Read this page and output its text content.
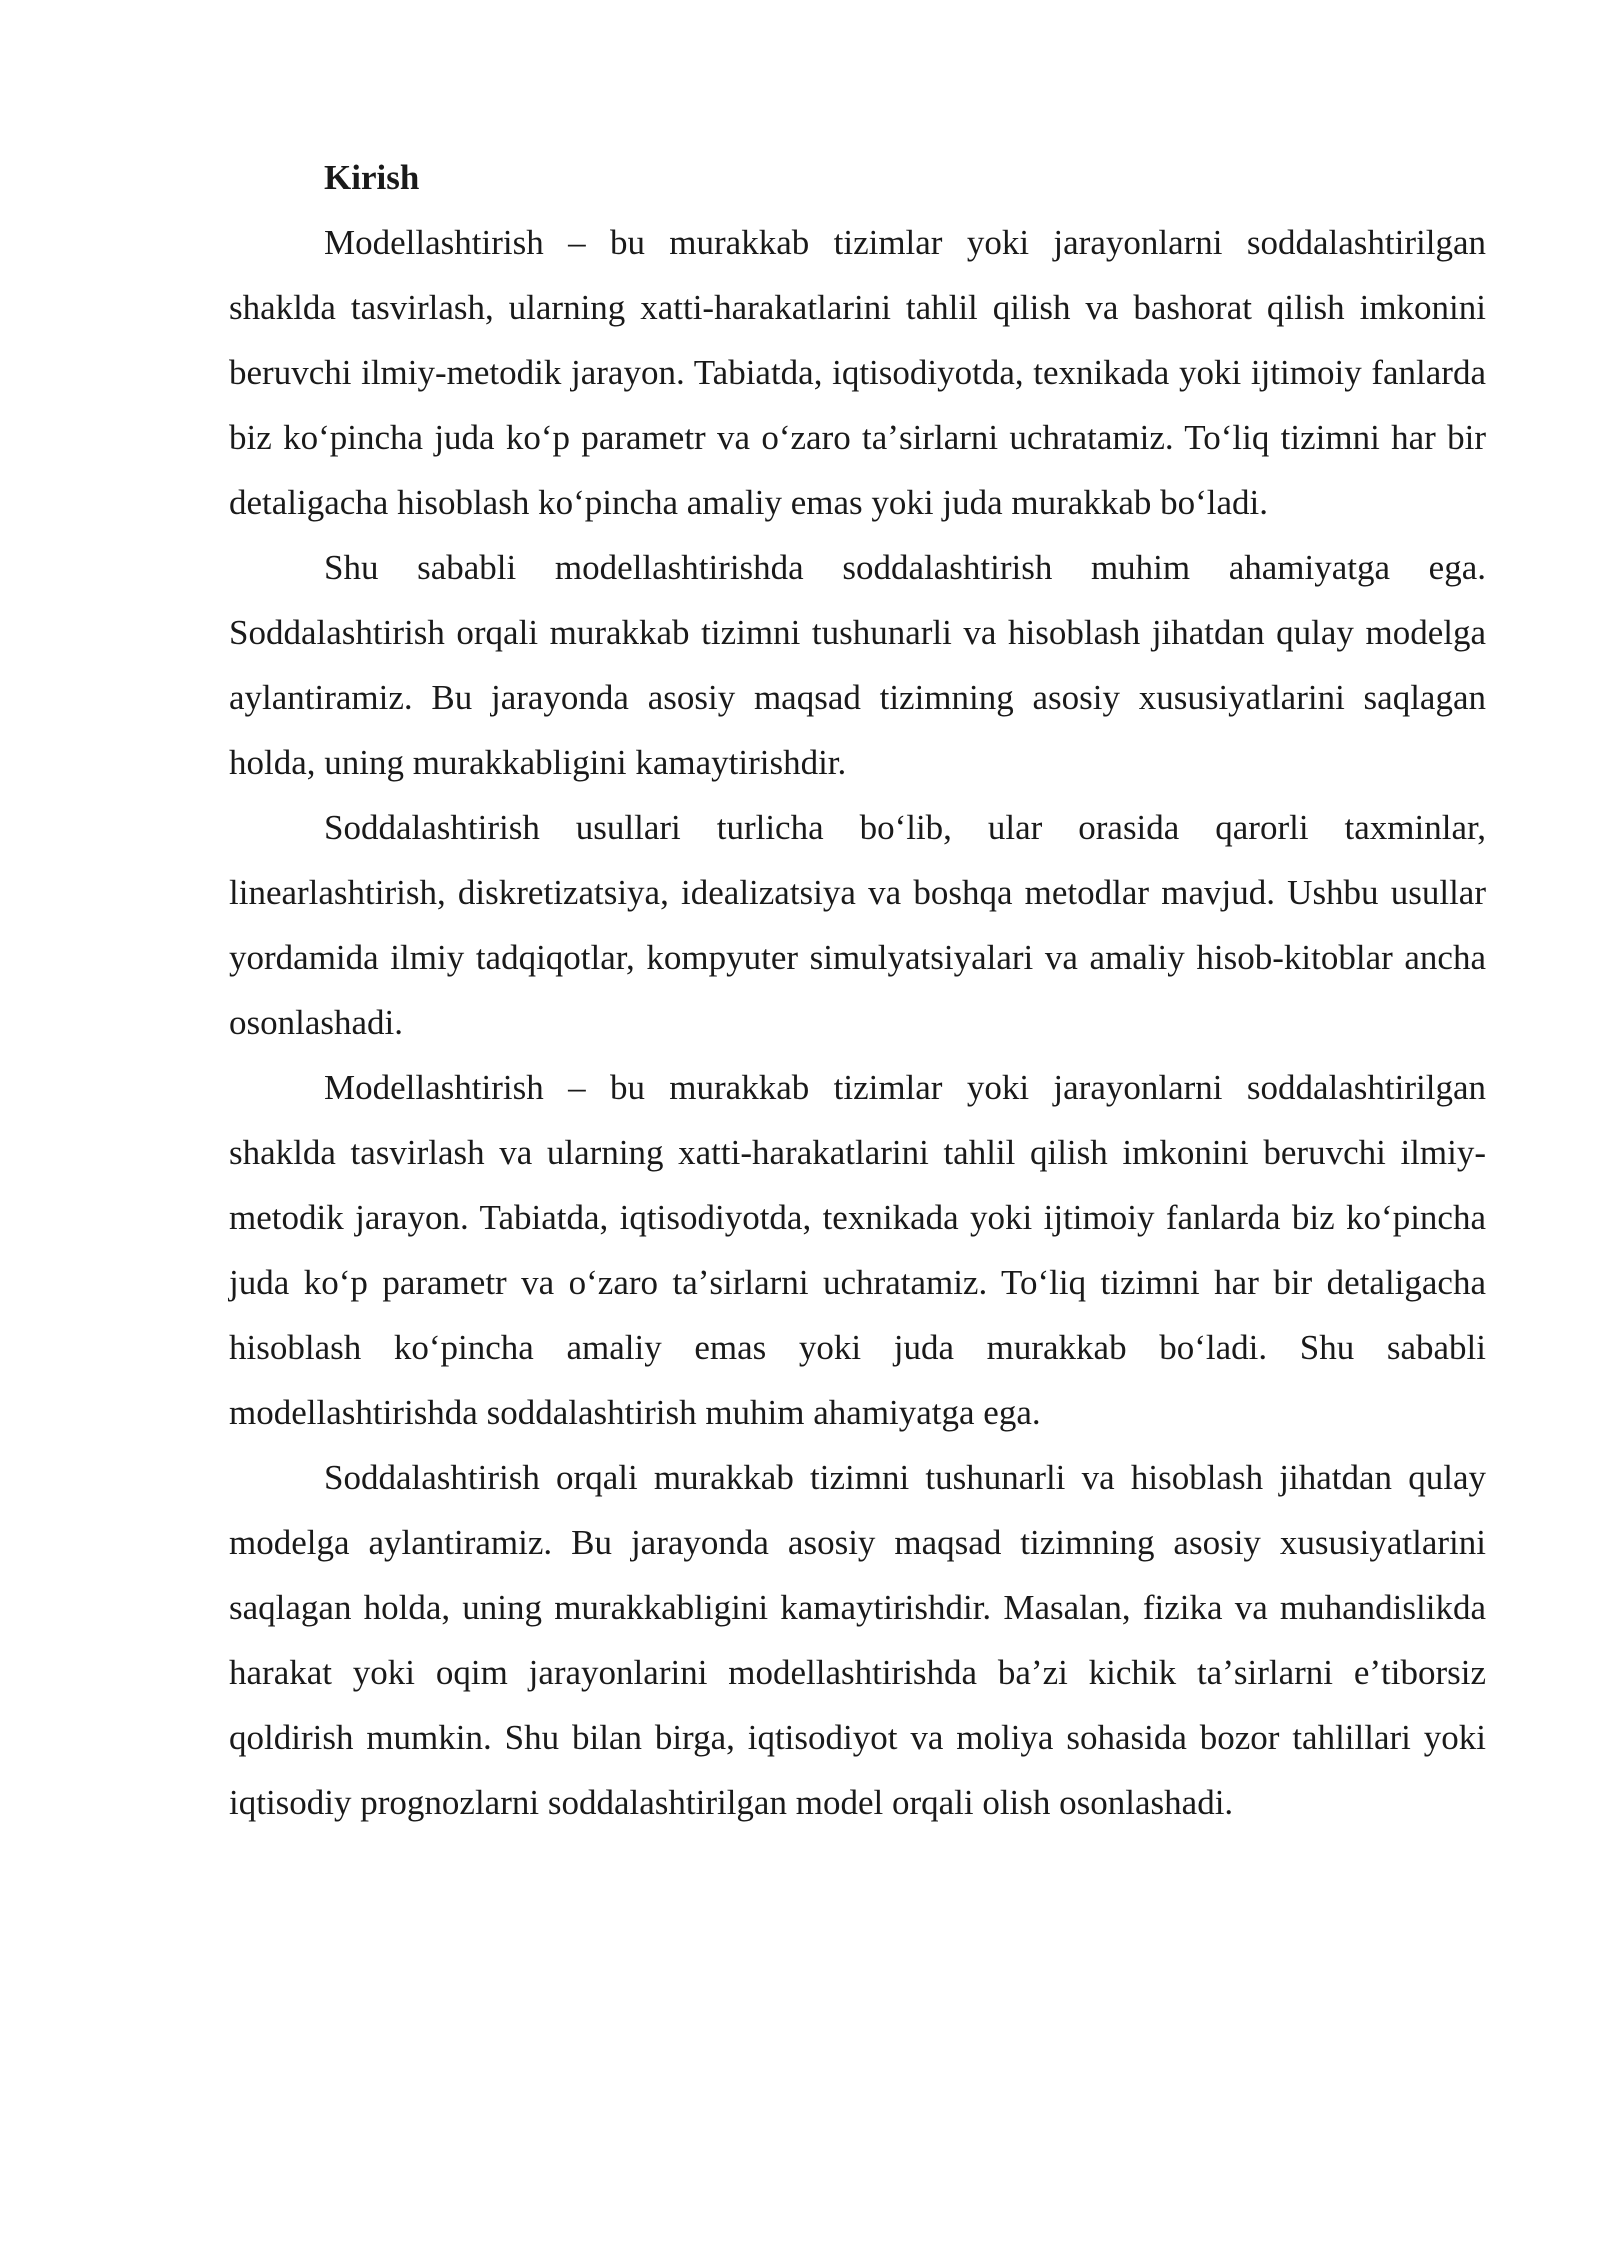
Kirish

Modellashtirish – bu murakkab tizimlar yoki jarayonlarni soddalashtirilgan shaklda tasvirlash, ularning xatti-harakatlarini tahlil qilish va bashorat qilish imkonini beruvchi ilmiy-metodik jarayon. Tabiatda, iqtisodiyotda, texnikada yoki ijtimoiy fanlarda biz koʻpincha juda koʻp parametr va oʻzaro taʼsirlarni uchratamiz. Toʻliq tizimni har bir detaligacha hisoblash koʻpincha amaliy emas yoki juda murakkab boʻladi.

Shu sababli modellashtirishda soddalashtirish muhim ahamiyatga ega. Soddalashtirish orqali murakkab tizimni tushunarli va hisoblash jihatdan qulay modelga aylantiramiz. Bu jarayonda asosiy maqsad tizimning asosiy xususiyatlarini saqlagan holda, uning murakkabligini kamaytirishdir.

Soddalashtirish usullari turlicha boʻlib, ular orasida qarorli taxminlar, linearlashtirish, diskretizatsiya, idealizatsiya va boshqa metodlar mavjud. Ushbu usullar yordamida ilmiy tadqiqotlar, kompyuter simulyatsiyalari va amaliy hisob-kitoblar ancha osonlashadi.

Modellashtirish – bu murakkab tizimlar yoki jarayonlarni soddalashtirilgan shaklda tasvirlash va ularning xatti-harakatlarini tahlil qilish imkonini beruvchi ilmiy-metodik jarayon. Tabiatda, iqtisodiyotda, texnikada yoki ijtimoiy fanlarda biz koʻpincha juda koʻp parametr va oʻzaro taʼsirlarni uchratamiz. Toʻliq tizimni har bir detaligacha hisoblash koʻpincha amaliy emas yoki juda murakkab boʻladi. Shu sababli modellashtirishda soddalashtirish muhim ahamiyatga ega.

Soddalashtirish orqali murakkab tizimni tushunarli va hisoblash jihatdan qulay modelga aylantiramiz. Bu jarayonda asosiy maqsad tizimning asosiy xususiyatlarini saqlagan holda, uning murakkabligini kamaytirishdir. Masalan, fizika va muhandislikda harakat yoki oqim jarayonlarini modellashtirishda baʼzi kichik taʼsirlarni eʼtiborsiz qoldirish mumkin. Shu bilan birga, iqtisodiyot va moliya sohasida bozor tahlillari yoki iqtisodiy prognozlarni soddalashtirilgan model orqali olish osonlashadi.
